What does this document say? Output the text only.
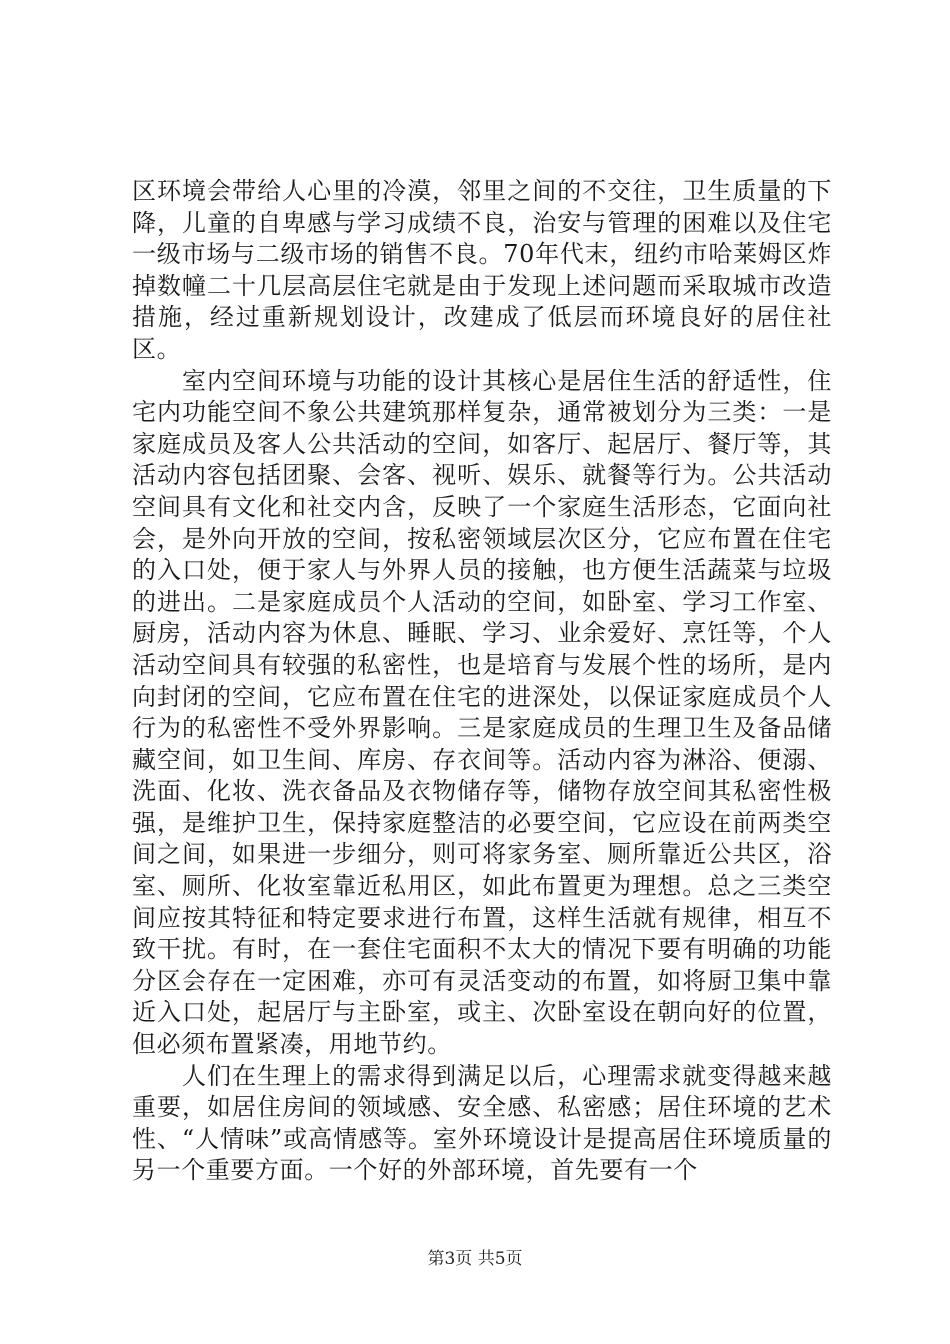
区环境会带给人心里的冷漠，邻里之间的不交往，卫生质量的下降，儿童的自卑感与学习成绩不良，治安与管理的困难以及住宅一级市场与二级市场的销售不良。70年代末，纽约市哈莱姆区炸掉数幢二十几层高层住宅就是由于发现上述问题而采取城市改造措施，经过重新规划设计，改建成了低层而环境良好的居住社区。

室内空间环境与功能的设计其核心是居住生活的舒适性，住宅内功能空间不象公共建筑那样复杂，通常被划分为三类：一是家庭成员及客人公共活动的空间，如客厅、起居厅、餐厅等，其活动内容包括团聚、会客、视听、娱乐、就餐等行为。公共活动空间具有文化和社交内含，反映了一个家庭生活形态，它面向社会，是外向开放的空间，按私密领域层次区分，它应布置在住宅的入口处，便于家人与外界人员的接触，也方便生活蔬菜与垃圾的进出。二是家庭成员个人活动的空间，如卧室、学习工作室、厨房，活动内容为休息、睡眠、学习、业余爱好、烹饪等，个人活动空间具有较强的私密性，也是培育与发展个性的场所，是内向封闭的空间，它应布置在住宅的进深处，以保证家庭成员个人行为的私密性不受外界影响。三是家庭成员的生理卫生及备品储藏空间，如卫生间、库房、存衣间等。活动内容为淋浴、便溺、洗面、化妆、洗衣备品及衣物储存等，储物存放空间其私密性极强，是维护卫生，保持家庭整洁的必要空间，它应设在前两类空间之间，如果进一步细分，则可将家务室、厕所靠近公共区，浴室、厕所、化妆室靠近私用区，如此布置更为理想。总之三类空间应按其特征和特定要求进行布置，这样生活就有规律，相互不致干扰。有时，在一套住宅面积不太大的情况下要有明确的功能分区会存在一定困难，亦可有灵活变动的布置，如将厨卫集中靠近入口处，起居厅与主卧室，或主、次卧室设在朝向好的位置，但必须布置紧凑，用地节约。

人们在生理上的需求得到满足以后，心理需求就变得越来越重要，如居住房间的领域感、安全感、私密感；居住环境的艺术性、“人情味”或高情感等。室外环境设计是提高居住环境质量的另一个重要方面。一个好的外部环境，首先要有一个

第3页 共5页
